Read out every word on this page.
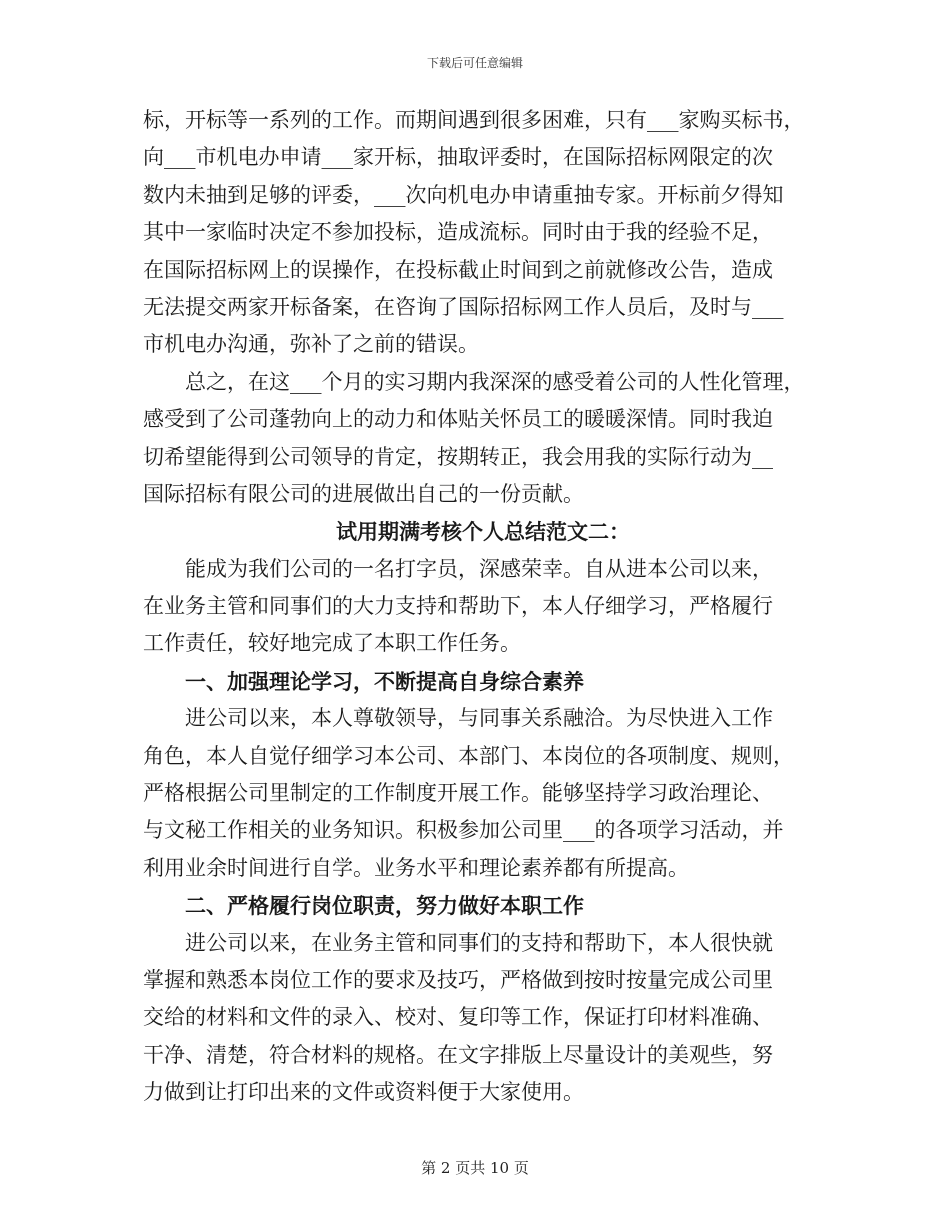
下载后可任意编辑
标，开标等一系列的工作。而期间遇到很多困难，只有___家购买标书，
向___市机电办申请___家开标，抽取评委时，在国际招标网限定的次
数内未抽到足够的评委，___次向机电办申请重抽专家。开标前夕得知
其中一家临时决定不参加投标，造成流标。同时由于我的经验不足，
在国际招标网上的误操作，在投标截止时间到之前就修改公告，造成
无法提交两家开标备案，在咨询了国际招标网工作人员后，及时与___
市机电办沟通，弥补了之前的错误。
总之，在这___个月的实习期内我深深的感受着公司的人性化管理，
感受到了公司蓬勃向上的动力和体贴关怀员工的暖暖深情。同时我迫
切希望能得到公司领导的肯定，按期转正，我会用我的实际行动为__
国际招标有限公司的进展做出自己的一份贡献。
试用期满考核个人总结范文二：
能成为我们公司的一名打字员，深感荣幸。自从进本公司以来，
在业务主管和同事们的大力支持和帮助下，本人仔细学习，严格履行
工作责任，较好地完成了本职工作任务。
一、加强理论学习，不断提高自身综合素养
进公司以来，本人尊敬领导，与同事关系融洽。为尽快进入工作
角色，本人自觉仔细学习本公司、本部门、本岗位的各项制度、规则，
严格根据公司里制定的工作制度开展工作。能够坚持学习政治理论、
与文秘工作相关的业务知识。积极参加公司里___的各项学习活动，并
利用业余时间进行自学。业务水平和理论素养都有所提高。
二、严格履行岗位职责，努力做好本职工作
进公司以来，在业务主管和同事们的支持和帮助下，本人很快就
掌握和熟悉本岗位工作的要求及技巧，严格做到按时按量完成公司里
交给的材料和文件的录入、校对、复印等工作，保证打印材料准确、
干净、清楚，符合材料的规格。在文字排版上尽量设计的美观些，努
力做到让打印出来的文件或资料便于大家使用。
第 2 页共 10 页
